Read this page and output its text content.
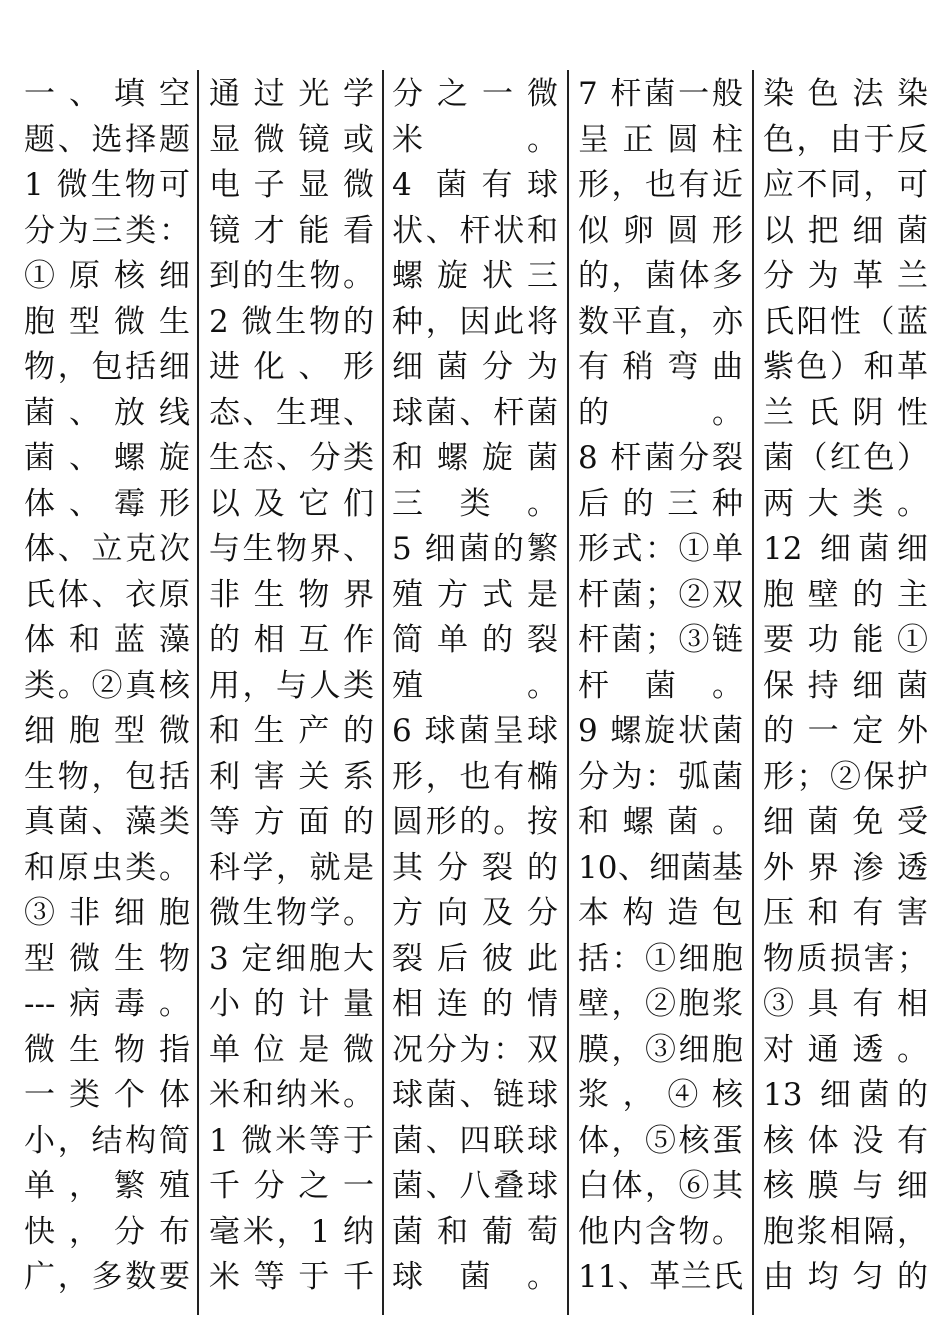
一、填空
题、选择题
1 微生物可
分为三类：
①原核细
胞型微生
物，包括细
菌、放线
菌、螺旋
体、霉形
体、立克次
氏体、衣原
体和蓝藻
类。②真核
细胞型微
生物，包括
真菌、藻类
和原虫类。
③非细胞
型微生物
---病毒。
微生物指
一类个体
小，结构简
单，繁殖
快，分布
广，多数要
通过光学
显微镜或
电子显微
镜才能看
到的生物。
2 微生物的
进化、形
态、生理、
生态、分类
以及它们
与生物界、
非生物界
的相互作
用，与人类
和生产的
利害关系
等方面的
科学，就是
微生物学。
3 定细胞大
小的计量
单位是微
米和纳米。
1 微米等于
千分之一
毫米，1 纳
米等于千
分之一微
米。
4 菌有球
状、杆状和
螺旋状三
种，因此将
细菌分为
球菌、杆菌
和螺旋菌
三类。
5 细菌的繁
殖方式是
简单的裂
殖。
6 球菌呈球
形，也有椭
圆形的。按
其分裂的
方向及分
裂后彼此
相连的情
况分为：双
球菌、链球
菌、四联球
菌、八叠球
菌和葡萄
球菌。
7 杆菌一般
呈正圆柱
形，也有近
似卵圆形
的，菌体多
数平直，亦
有稍弯曲
的。
8 杆菌分裂
后的三种
形式：①单
杆菌；②双
杆菌；③链
杆菌。
9 螺旋状菌
分为：弧菌
和螺菌。
10、细菌基
本构造包
括：①细胞
壁，②胞浆
膜，③细胞
浆，④核
体，⑤核蛋
白体，⑥其
他内含物。
11、革兰氏
染色法染
色，由于反
应不同，可
以把细菌
分为革兰
氏阳性（蓝
紫色）和革
兰氏阴性
菌（红色）
两大类。
12 细菌细
胞壁的主
要功能①
保持细菌
的一定外
形；②保护
细菌免受
外界渗透
压和有害
物质损害；
③具有相
对通透。
13 细菌的
核体没有
核膜与细
胞浆相隔，
由均匀的
